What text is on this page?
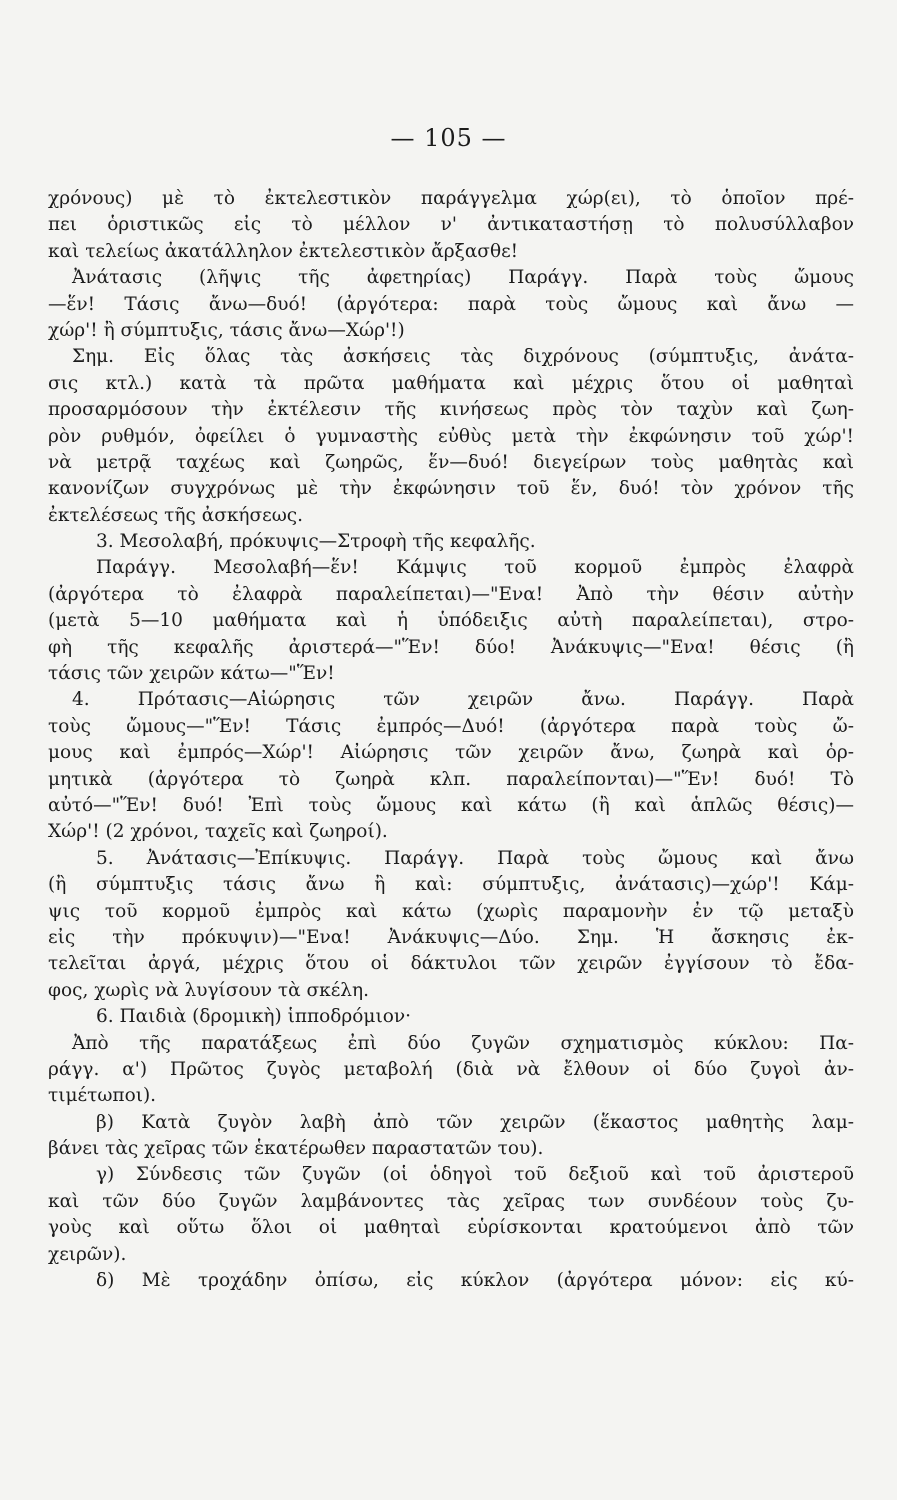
— 105 —
χρόνους) μὲ τὸ ἐκτελεστικὸν παράγγελμα χώρ(ει), τὸ ὁποῖον πρέ-
πει ὁριστικῶς εἰς τὸ μέλλον ν' ἀντικαταστήσῃ τὸ πολυσύλλαβον
καὶ τελείως ἀκατάλληλον ἐκτελεστικὸν ἄρξασθε!
Ἀνάτασις (λῆψις τῆς ἀφετηρίας) Παράγγ. Παρὰ τοὺς ὤμους
—ἕν! Τάσις ἄνω—δυό! (ἀργότερα: παρὰ τοὺς ὤμους καὶ ἄνω —
χώρ'! ἢ σύμπτυξις, τάσις ἄνω—Χώρ'!)
Σημ. Εἰς ὅλας τὰς ἀσκήσεις τὰς διχρόνους (σύμπτυξις, ἀνάτα-
σις κτλ.) κατὰ τὰ πρῶτα μαθήματα καὶ μέχρις ὅτου οἱ μαθηταὶ
προσαρμόσουν τὴν ἐκτέλεσιν τῆς κινήσεως πρὸς τὸν ταχὺν καὶ ζωη-
ρὸν ρυθμόν, ὀφείλει ὁ γυμναστὴς εὐθὺς μετὰ τὴν ἐκφώνησιν τοῦ χώρ'!
νὰ μετρᾷ ταχέως καὶ ζωηρῶς, ἕν—δυό! διεγείρων τοὺς μαθητὰς καὶ
κανονίζων συγχρόνως μὲ τὴν ἐκφώνησιν τοῦ ἕν, δυό! τὸν χρόνον τῆς
ἐκτελέσεως τῆς ἀσκήσεως.
3. Μεσολαβή, πρόκυψις—Στροφὴ τῆς κεφαλῆς.
Παράγγ. Μεσολαβή—ἕν! Κάμψις τοῦ κορμοῦ ἐμπρὸς ἐλαφρὰ
(ἀργότερα τὸ ἐλαφρὰ παραλείπεται)—"Ενα! Ἀπὸ τὴν θέσιν αὐτὴν
(μετὰ 5—10 μαθήματα καὶ ἡ ὑπόδειξις αὐτὴ παραλείπεται), στρο-
φὴ τῆς κεφαλῆς ἀριστερά—"Ἕν! δύο! Ἀνάκυψις—"Ενα! θέσις (ἢ
τάσις τῶν χειρῶν κάτω—"Ἕν!
4. Πρότασις—Αἰώρησις τῶν χειρῶν ἄνω. Παράγγ. Παρὰ
τοὺς ὤμους—"Ἕν! Τάσις ἐμπρός—Δυό! (ἀργότερα παρὰ τοὺς ὤ-
μους καὶ ἐμπρός—Χώρ'! Αἰώρησις τῶν χειρῶν ἄνω, ζωηρὰ καὶ ὁρ-
μητικὰ (ἀργότερα τὸ ζωηρὰ κλπ. παραλείπονται)—"Ἕν! δυό! Τὸ
αὐτό—"Ἕν! δυό! Ἐπὶ τοὺς ὤμους καὶ κάτω (ἢ καὶ ἁπλῶς θέσις)—
Χώρ'! (2 χρόνοι, ταχεῖς καὶ ζωηροί).
5. Ἀνάτασις—Ἐπίκυψις. Παράγγ. Παρὰ τοὺς ὤμους καὶ ἄνω
(ἢ σύμπτυξις τάσις ἄνω ἢ καὶ: σύμπτυξις, ἀνάτασις)—χώρ'! Κάμ-
ψις τοῦ κορμοῦ ἐμπρὸς καὶ κάτω (χωρὶς παραμονὴν ἐν τῷ μεταξὺ
εἰς τὴν πρόκυψιν)—"Ενα! Ἀνάκυψις—Δύο. Σημ. Ἡ ἄσκησις ἐκ-
τελεῖται ἀργά, μέχρις ὅτου οἱ δάκτυλοι τῶν χειρῶν ἐγγίσουν τὸ ἔδα-
φος, χωρὶς νὰ λυγίσουν τὰ σκέλη.
6. Παιδιὰ (δρομικὴ) ἱπποδρόμιον·
Ἀπὸ τῆς παρατάξεως ἐπὶ δύο ζυγῶν σχηματισμὸς κύκλου: Πα-
ράγγ. α') Πρῶτος ζυγὸς μεταβολή (διὰ νὰ ἔλθουν οἱ δύο ζυγοὶ ἀν-
τιμέτωποι).
β) Κατὰ ζυγὸν λαβὴ ἀπὸ τῶν χειρῶν (ἕκαστος μαθητὴς λαμ-
βάνει τὰς χεῖρας τῶν ἑκατέρωθεν παραστατῶν του).
γ) Σύνδεσις τῶν ζυγῶν (οἱ ὁδηγοὶ τοῦ δεξιοῦ καὶ τοῦ ἀριστεροῦ
καὶ τῶν δύο ζυγῶν λαμβάνοντες τὰς χεῖρας των συνδέουν τοὺς ζυ-
γοὺς καὶ οὕτω ὅλοι οἱ μαθηταὶ εὑρίσκονται κρατούμενοι ἀπὸ τῶν
χειρῶν).
δ) Μὲ τροχάδην ὀπίσω, εἰς κύκλον (ἀργότερα μόνον: εἰς κύ-
